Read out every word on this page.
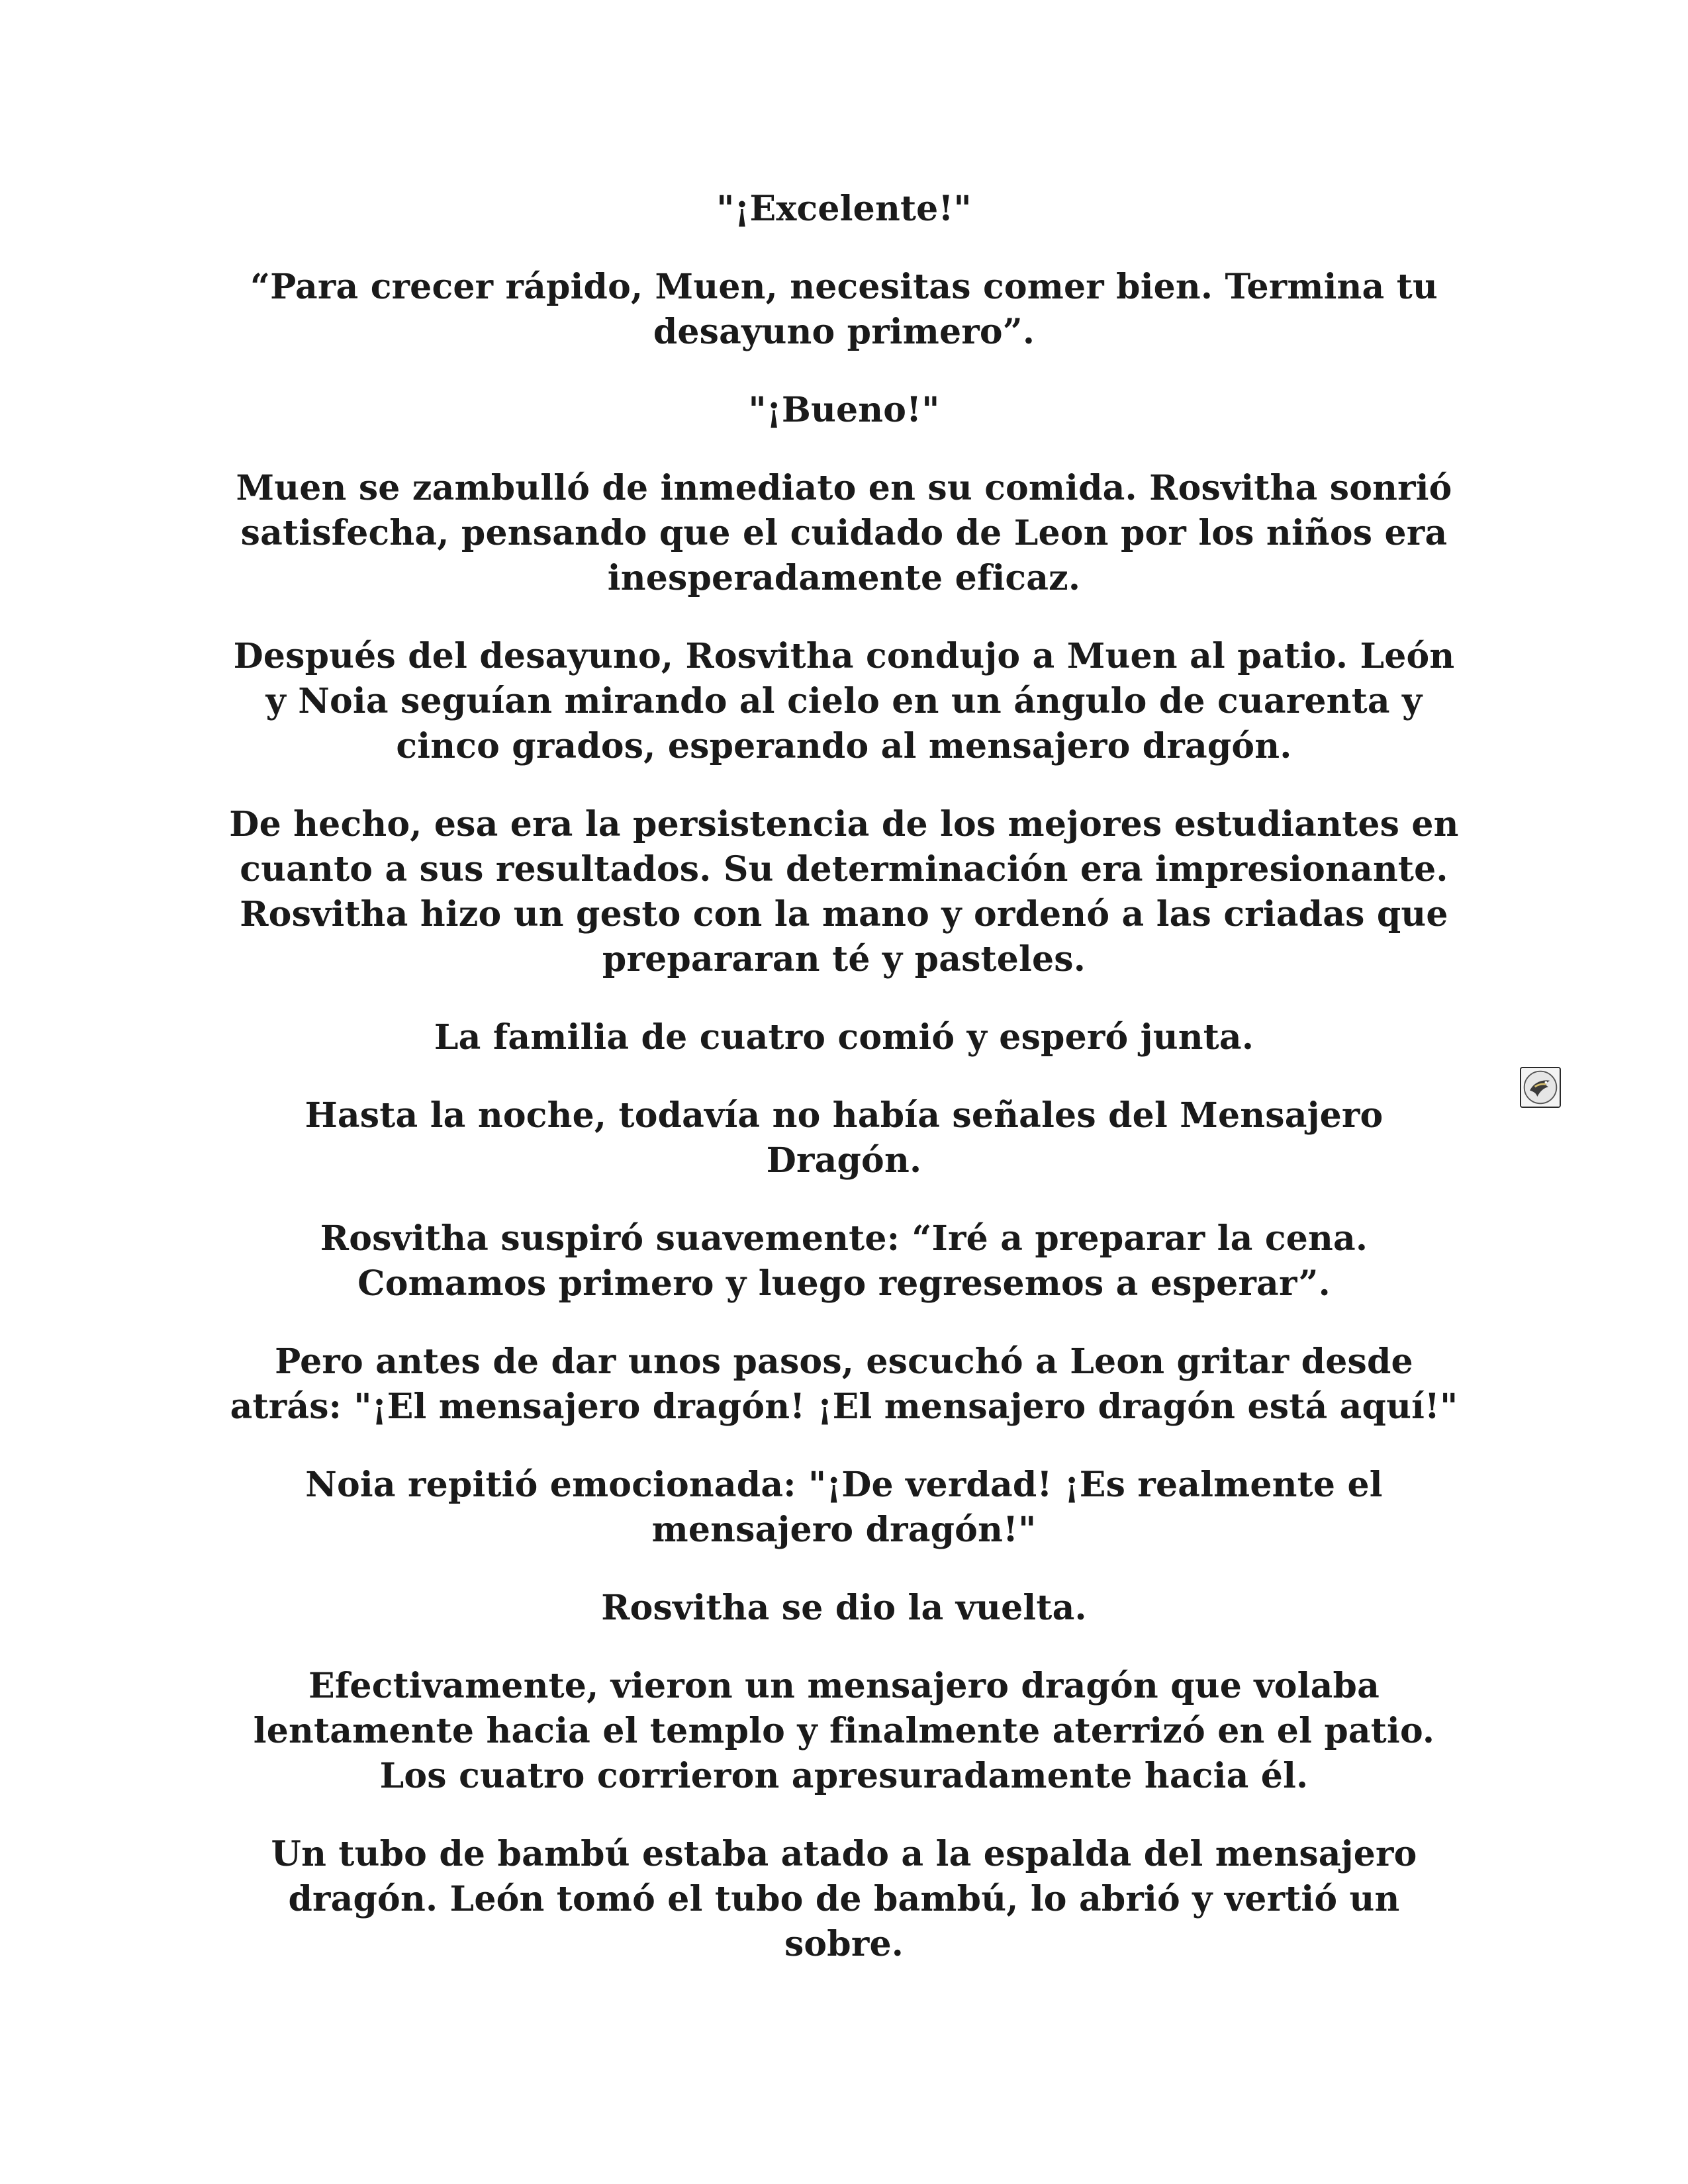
"¡Excelente!"

“Para crecer rápido, Muen, necesitas comer bien. Termina tu desayuno primero”.

"¡Bueno!"

Muen se zambulló de inmediato en su comida. Rosvitha sonrió satisfecha, pensando que el cuidado de Leon por los niños era inesperadamente eficaz.

Después del desayuno, Rosvitha condujo a Muen al patio. León y Noia seguían mirando al cielo en un ángulo de cuarenta y cinco grados, esperando al mensajero dragón.

De hecho, esa era la persistencia de los mejores estudiantes en cuanto a sus resultados. Su determinación era impresionante. Rosvitha hizo un gesto con la mano y ordenó a las criadas que prepararan té y pasteles.

La familia de cuatro comió y esperó junta.

Hasta la noche, todavía no había señales del Mensajero Dragón.

Rosvitha suspiró suavemente: “Iré a preparar la cena. Comamos primero y luego regresemos a esperar”.

Pero antes de dar unos pasos, escuchó a Leon gritar desde atrás: "¡El mensajero dragón! ¡El mensajero dragón está aquí!"

Noia repitió emocionada: "¡De verdad! ¡Es realmente el mensajero dragón!"

Rosvitha se dio la vuelta.

Efectivamente, vieron un mensajero dragón que volaba lentamente hacia el templo y finalmente aterrizó en el patio. Los cuatro corrieron apresuradamente hacia él.

Un tubo de bambú estaba atado a la espalda del mensajero dragón. León tomó el tubo de bambú, lo abrió y vertió un sobre.
